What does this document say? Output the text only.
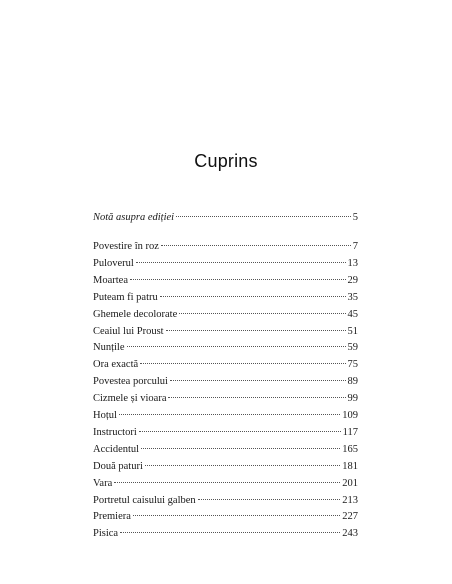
Cuprins
Notă asupra ediției	5
Povestire în roz	7
Puloverul	13
Moartea	29
Puteam fi patru	35
Ghemele decolorate	45
Ceaiul lui Proust	51
Nunțile	59
Ora exactă	75
Povestea porcului	89
Cizmele și vioara	99
Hoțul	109
Instructori	117
Accidentul	165
Două paturi	181
Vara	201
Portretul caisului galben	213
Premiera	227
Pisica	243
